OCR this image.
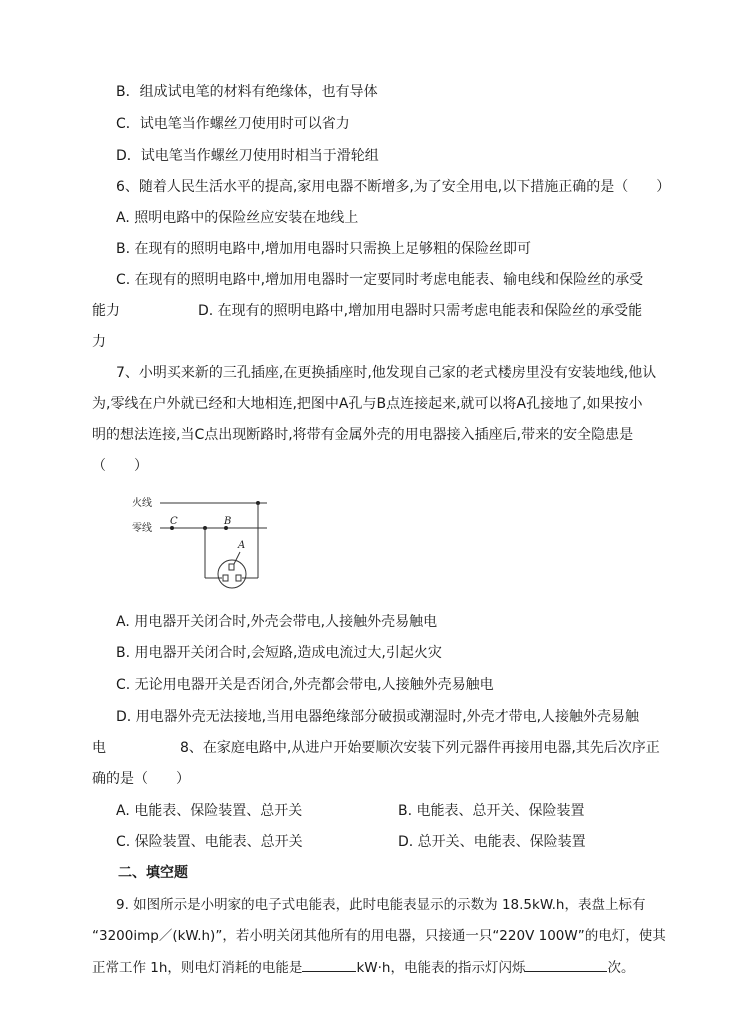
B．组成试电笔的材料有绝缘体，也有导体
C．试电笔当作螺丝刀使用时可以省力
D．试电笔当作螺丝刀使用时相当于滑轮组
6、随着人民生活水平的提高,家用电器不断增多,为了安全用电,以下措施正确的是（　　）
A. 照明电路中的保险丝应安装在地线上
B. 在现有的照明电路中,增加用电器时只需换上足够粗的保险丝即可
C. 在现有的照明电路中,增加用电器时一定要同时考虑电能表、输电线和保险丝的承受
能力	D. 在现有的照明电路中,增加用电器时只需考虑电能表和保险丝的承受能
力
7、小明买来新的三孔插座,在更换插座时,他发现自己家的老式楼房里没有安装地线,他认
为,零线在户外就已经和大地相连,把图中A孔与B点连接起来,就可以将A孔接地了,如果按小
明的想法连接,当C点出现断路时,将带有金属外壳的用电器接入插座后,带来的安全隐患是
（　　）
火线
零线
C	B
A
A. 用电器开关闭合时,外壳会带电,人接触外壳易触电
B. 用电器开关闭合时,会短路,造成电流过大,引起火灾
C. 无论用电器开关是否闭合,外壳都会带电,人接触外壳易触电
D. 用电器外壳无法接地,当用电器绝缘部分破损或潮湿时,外壳才带电,人接触外壳易触
电	8、在家庭电路中,从进户开始要顺次安装下列元器件再接用电器,其先后次序正
确的是（　　）
A. 电能表、保险装置、总开关	B. 电能表、总开关、保险装置
C. 保险装置、电能表、总开关	D. 总开关、电能表、保险装置
二、填空题
9. 如图所示是小明家的电子式电能表，此时电能表显示的示数为 18.5kW.h，表盘上标有
“3200imp／(kW.h)”，若小明关闭其他所有的用电器，只接通一只“220V 100W”的电灯，使其
正常工作 1h，则电灯消耗的电能是	kW·h，电能表的指示灯闪烁	次。
